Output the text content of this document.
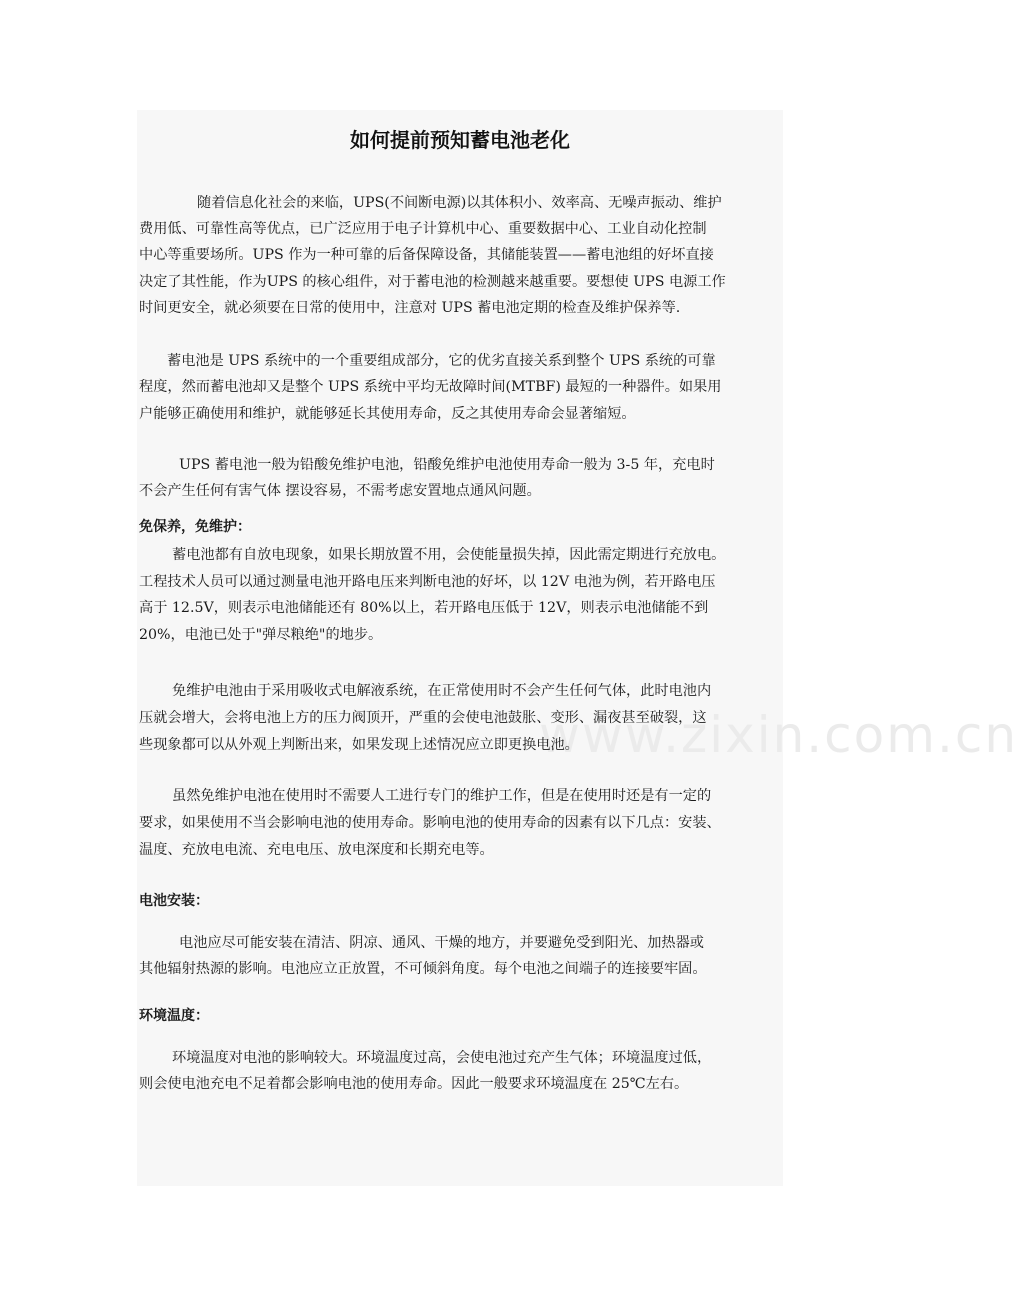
www.zixin.com.cn
如何提前预知蓄电池老化
随着信息化社会的来临，UPS(不间断电源)以其体积小、效率高、无噪声振动、维护
费用低、可靠性高等优点，已广泛应用于电子计算机中心、重要数据中心、工业自动化控制
中心等重要场所。UPS 作为一种可靠的后备保障设备，其储能装置——蓄电池组的好坏直接
决定了其性能，作为UPS 的核心组件，对于蓄电池的检测越来越重要。要想使 UPS 电源工作
时间更安全，就必须要在日常的使用中，注意对 UPS 蓄电池定期的检查及维护保养等.
蓄电池是 UPS 系统中的一个重要组成部分，它的优劣直接关系到整个 UPS 系统的可靠
程度，然而蓄电池却又是整个 UPS 系统中平均无故障时间(MTBF) 最短的一种器件。如果用
户能够正确使用和维护，就能够延长其使用寿命，反之其使用寿命会显著缩短。
UPS 蓄电池一般为铅酸免维护电池，铅酸免维护电池使用寿命一般为 3-5 年，充电时
不会产生任何有害气体 摆设容易，不需考虑安置地点通风问题。
免保养，免维护：
蓄电池都有自放电现象，如果长期放置不用，会使能量损失掉，因此需定期进行充放电。
工程技术人员可以通过测量电池开路电压来判断电池的好坏，以 12V 电池为例，若开路电压
高于 12.5V，则表示电池储能还有 80%以上，若开路电压低于 12V，则表示电池储能不到
20%，电池已处于"弹尽粮绝"的地步。
免维护电池由于采用吸收式电解液系统，在正常使用时不会产生任何气体，此时电池内
压就会增大，会将电池上方的压力阀顶开，严重的会使电池鼓胀、变形、漏夜甚至破裂，这
些现象都可以从外观上判断出来，如果发现上述情况应立即更换电池。
虽然免维护电池在使用时不需要人工进行专门的维护工作，但是在使用时还是有一定的
要求，如果使用不当会影响电池的使用寿命。影响电池的使用寿命的因素有以下几点：安装、
温度、充放电电流、充电电压、放电深度和长期充电等。
电池安装：
电池应尽可能安装在清洁、阴凉、通风、干燥的地方，并要避免受到阳光、加热器或
其他辐射热源的影响。电池应立正放置，不可倾斜角度。每个电池之间端子的连接要牢固。
环境温度：
环境温度对电池的影响较大。环境温度过高，会使电池过充产生气体；环境温度过低，
则会使电池充电不足着都会影响电池的使用寿命。因此一般要求环境温度在 25℃左右。
